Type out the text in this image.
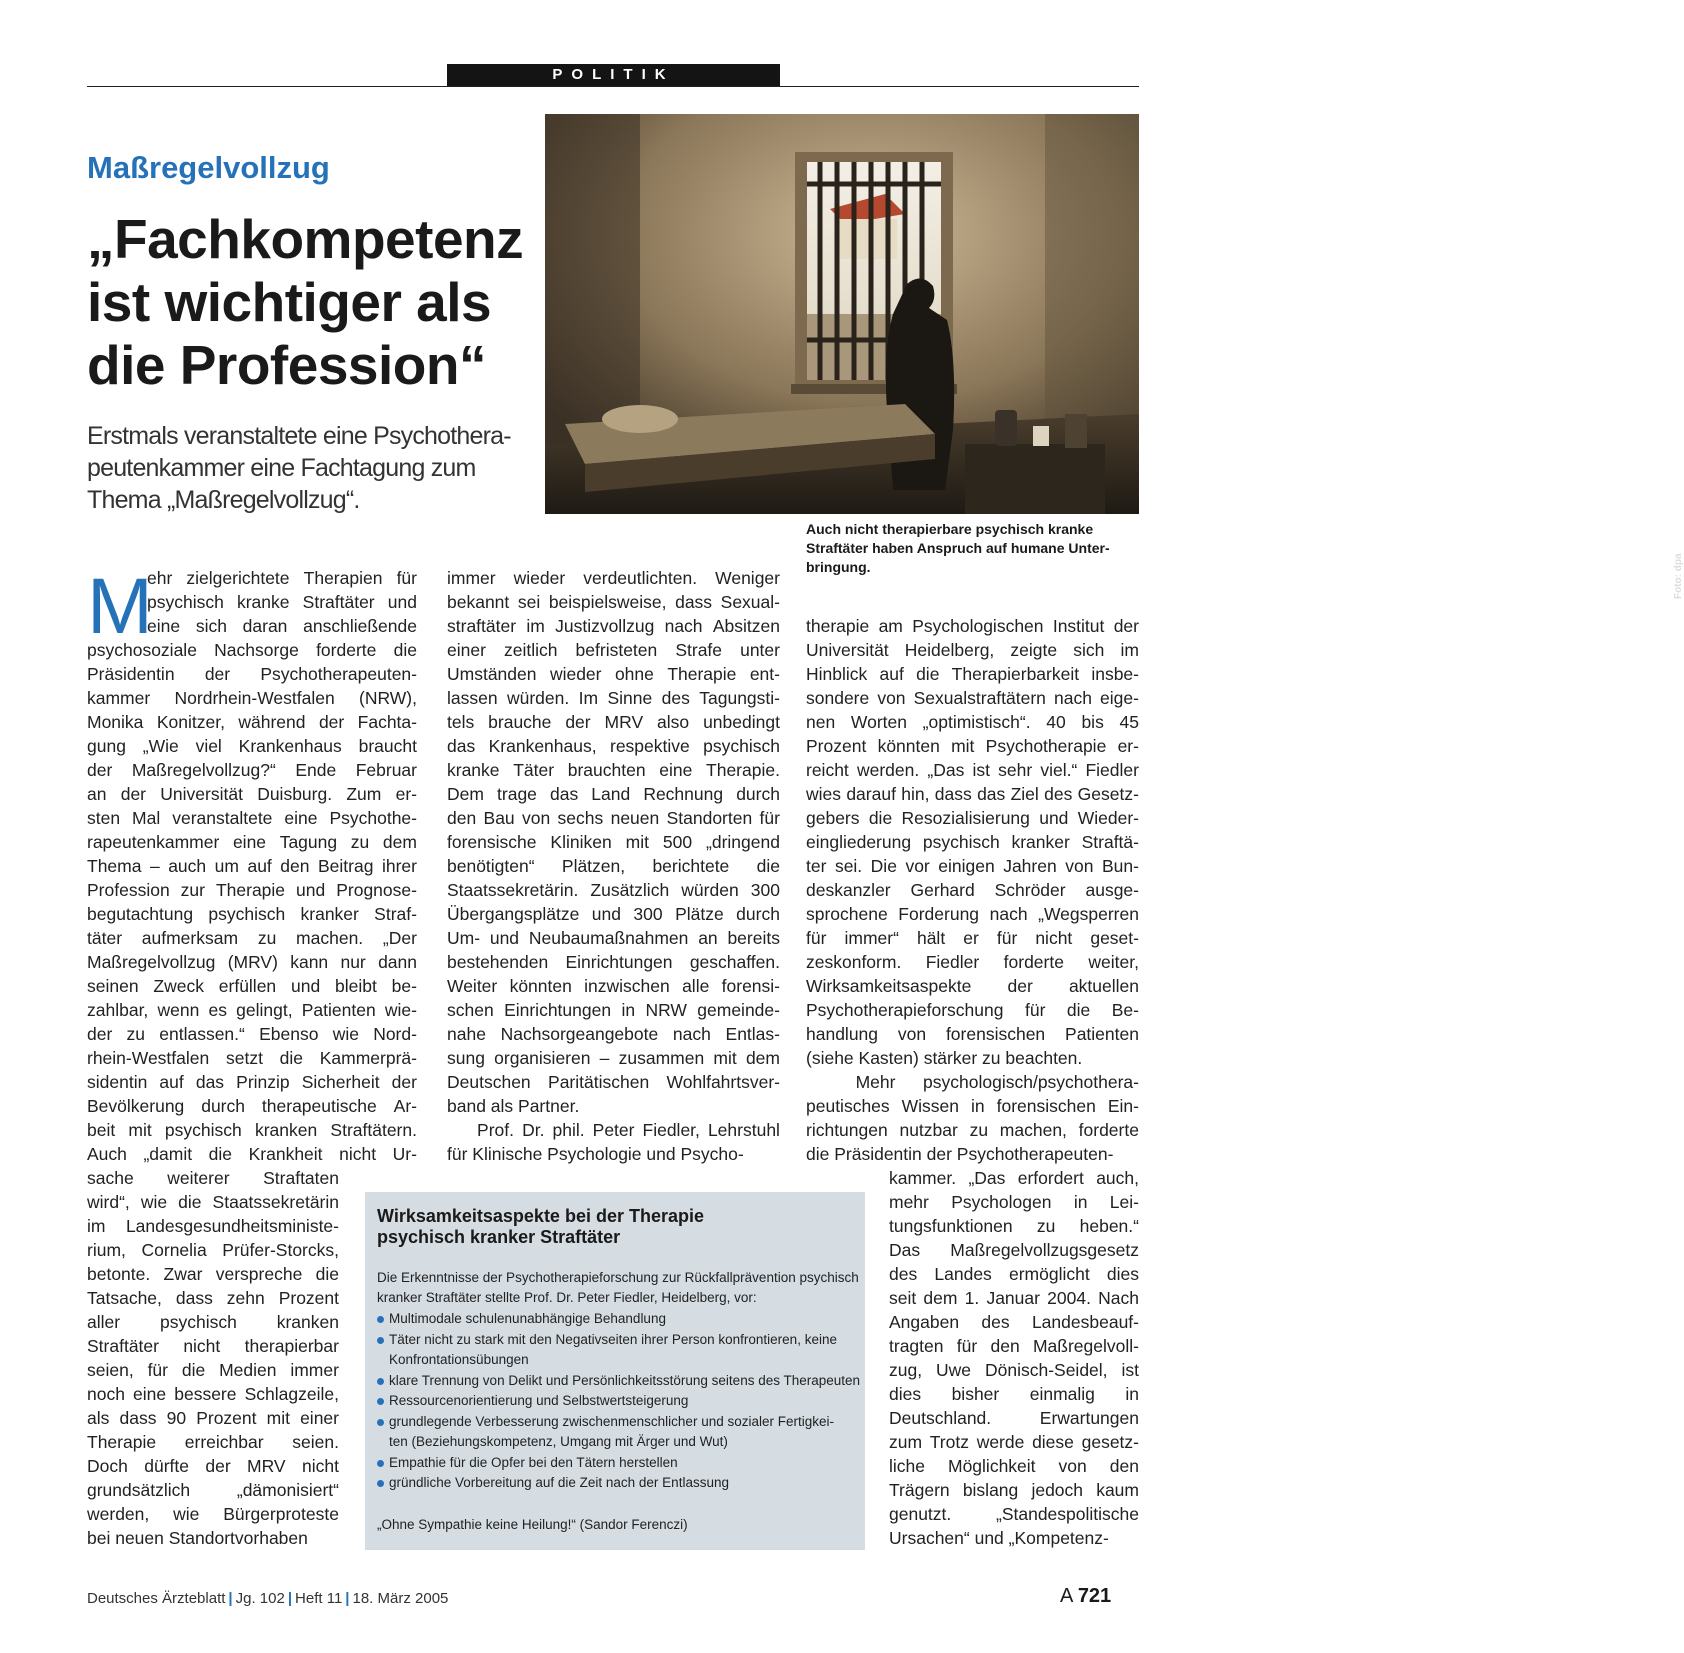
POLITIK
Maßregelvollzug
„Fachkompetenz
ist wichtiger als
die Profession“
Erstmals veranstaltete eine Psychothera-
peutenkammer eine Fachtagung zum
Thema „Maßregelvollzug“.
Foto: dpa
Auch nicht therapierbare psychisch kranke
Straftäter haben Anspruch auf humane Unter-
bringung.
M
ehr zielgerichtete Therapien für
psychisch kranke Straftäter und
eine sich daran anschließende
psychosoziale Nachsorge forderte die
Präsidentin der Psychotherapeuten-
kammer Nordrhein-Westfalen (NRW),
Monika Konitzer, während der Fachta-
gung „Wie viel Krankenhaus braucht
der Maßregelvollzug?“ Ende Februar
an der Universität Duisburg. Zum er-
sten Mal veranstaltete eine Psychothe-
rapeutenkammer eine Tagung zu dem
Thema – auch um auf den Beitrag ihrer
Profession zur Therapie und Prognose-
begutachtung psychisch kranker Straf-
täter aufmerksam zu machen. „Der
Maßregelvollzug (MRV) kann nur dann
seinen Zweck erfüllen und bleibt be-
zahlbar, wenn es gelingt, Patienten wie-
der zu entlassen.“ Ebenso wie Nord-
rhein-Westfalen setzt die Kammerprä-
sidentin auf das Prinzip Sicherheit der
Bevölkerung durch therapeutische Ar-
beit mit psychisch kranken Straftätern.
Auch „damit die Krankheit nicht Ur-
sache weiterer Straftaten
wird“, wie die Staatssekretärin
im Landesgesundheitsministe-
rium, Cornelia Prüfer-Storcks,
betonte. Zwar verspreche die
Tatsache, dass zehn Prozent
aller psychisch kranken
Straftäter nicht therapierbar
seien, für die Medien immer
noch eine bessere Schlagzeile,
als dass 90 Prozent mit einer
Therapie erreichbar seien.
Doch dürfte der MRV nicht
grundsätzlich	„dämonisiert“
werden, wie Bürgerproteste
bei neuen Standortvorhaben
immer wieder verdeutlichten. Weniger
bekannt sei beispielsweise, dass Sexual-
straftäter im Justizvollzug nach Absitzen
einer zeitlich befristeten Strafe unter
Umständen wieder ohne Therapie ent-
lassen würden. Im Sinne des Tagungsti-
tels brauche der MRV also unbedingt
das Krankenhaus, respektive psychisch
kranke Täter brauchten eine Therapie.
Dem trage das Land Rechnung durch
den Bau von sechs neuen Standorten für
forensische Kliniken mit 500 „dringend
benötigten“ Plätzen, berichtete die
Staatssekretärin. Zusätzlich würden 300
Übergangsplätze und 300 Plätze durch
Um- und Neubaumaßnahmen an bereits
bestehenden Einrichtungen geschaffen.
Weiter könnten inzwischen alle forensi-
schen Einrichtungen in NRW gemeinde-
nahe Nachsorgeangebote nach Entlas-
sung organisieren – zusammen mit dem
Deutschen Paritätischen Wohlfahrtsver-
band als Partner.
Prof. Dr. phil. Peter Fiedler, Lehrstuhl
für Klinische Psychologie und Psycho-
therapie am Psychologischen Institut der
Universität Heidelberg, zeigte sich im
Hinblick auf die Therapierbarkeit insbe-
sondere von Sexualstraftätern nach eige-
nen Worten „optimistisch“. 40 bis 45
Prozent könnten mit Psychotherapie er-
reicht werden. „Das ist sehr viel.“ Fiedler
wies darauf hin, dass das Ziel des Gesetz-
gebers die Resozialisierung und Wieder-
eingliederung psychisch kranker Straftä-
ter sei. Die vor einigen Jahren von Bun-
deskanzler Gerhard Schröder ausge-
sprochene Forderung nach „Wegsperren
für immer“ hält er für nicht geset-
zeskonform. Fiedler forderte weiter,
Wirksamkeitsaspekte der aktuellen
Psychotherapieforschung für die Be-
handlung von forensischen Patienten
(siehe Kasten) stärker zu beachten.
Mehr psychologisch/psychothera-
peutisches Wissen in forensischen Ein-
richtungen nutzbar zu machen, forderte
die Präsidentin der Psychotherapeuten-
kammer. „Das erfordert auch,
mehr Psychologen in Lei-
tungsfunktionen zu heben.“
Das Maßregelvollzugsgesetz
des Landes ermöglicht dies
seit dem 1. Januar 2004. Nach
Angaben des Landesbeauf-
tragten für den Maßregelvoll-
zug, Uwe Dönisch-Seidel, ist
dies bisher einmalig in
Deutschland.	Erwartungen
zum Trotz werde diese gesetz-
liche Möglichkeit von den
Trägern bislang jedoch kaum
genutzt.	„Standespolitische
Ursachen“ und „Kompetenz-
Wirksamkeitsaspekte bei der Therapie
psychisch kranker Straftäter
Die Erkenntnisse der Psychotherapieforschung zur Rückfallprävention psychisch
kranker Straftäter stellte Prof. Dr. Peter Fiedler, Heidelberg, vor:
Multimodale schulenunabhängige Behandlung
Täter nicht zu stark mit den Negativseiten ihrer Person konfrontieren, keine
Konfrontationsübungen
klare Trennung von Delikt und Persönlichkeitsstörung seitens des Therapeuten
Ressourcenorientierung und Selbstwertsteigerung
grundlegende Verbesserung zwischenmenschlicher und sozialer Fertigkei-
ten (Beziehungskompetenz, Umgang mit Ärger und Wut)
Empathie für die Opfer bei den Tätern herstellen
gründliche Vorbereitung auf die Zeit nach der Entlassung
„Ohne Sympathie keine Heilung!“ (Sandor Ferenczi)
Deutsches Ärzteblatt | Jg. 102 | Heft 11 | 18. März 2005	A 721
